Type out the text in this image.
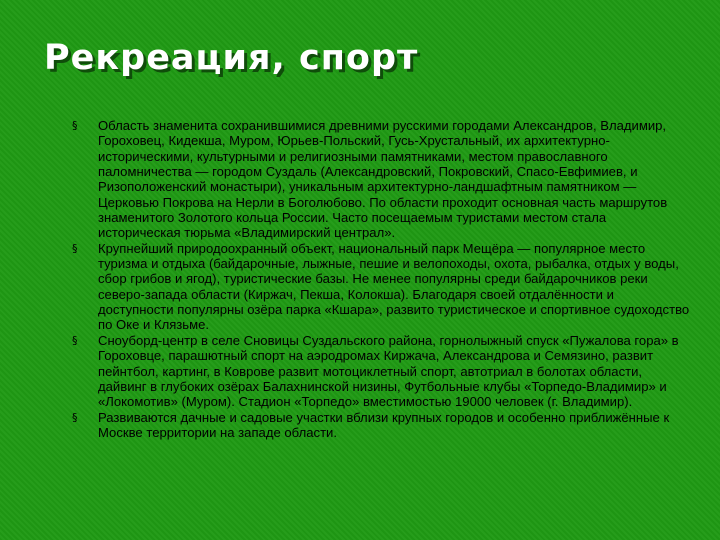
Рекреация, спорт
§ Область знаменита сохранившимися древними русскими городами Александров, Владимир, Гороховец, Кидекша, Муром, Юрьев-Польский, Гусь-Хрустальный, их архитектурно-историческими, культурными и религиозными памятниками, местом православного паломничества — городом Суздаль (Александровский, Покровский, Спасо-Евфимиев, и Ризоположенский монастыри), уникальным архитектурно-ландшафтным памятником — Церковью Покрова на Нерли в Боголюбово. По области проходит основная часть маршрутов знаменитого Золотого кольца России. Часто посещаемым туристами местом стала историческая тюрьма «Владимирский централ».
§ Крупнейший природоохранный объект, национальный парк Мещёра — популярное место туризма и отдыха (байдарочные, лыжные, пешие и велопоходы, охота, рыбалка, отдых у воды, сбор грибов и ягод), туристические базы. Не менее популярны среди байдарочников реки северо-запада области (Киржач, Пекша, Колокша). Благодаря своей отдалённости и доступности популярны озёра парка «Кшара», развито туристическое и спортивное судоходство по Оке и Клязьме.
§ Сноуборд-центр в селе Сновицы Суздальского района, горнолыжный спуск «Пужалова гора» в Гороховце, парашютный спорт на аэродромах Киржача, Александрова и Семязино, развит пейнтбол, картинг, в Коврове развит мотоциклетный спорт, автотриал в болотах области, дайвинг в глубоких озёрах Балахнинской низины, Футбольные клубы «Торпедо-Владимир» и «Локомотив» (Муром). Стадион «Торпедо» вместимостью 19000 человек (г. Владимир).
§ Развиваются дачные и садовые участки вблизи крупных городов и особенно приближённые к Москве территории на западе области.
